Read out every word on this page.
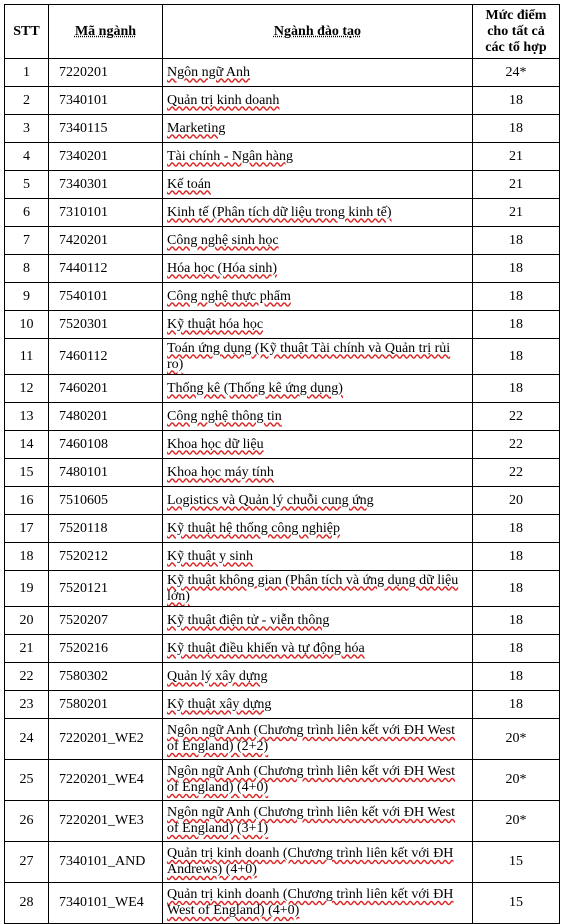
STT	Mã ngành	Ngành đào tạo	Mức điểm cho tất cả các tổ hợp
1	7220201	Ngôn ngữ Anh	24*
2	7340101	Quản trị kinh doanh	18
3	7340115	Marketing	18
4	7340201	Tài chính - Ngân hàng	21
5	7340301	Kế toán	21
6	7310101	Kinh tế (Phân tích dữ liệu trong kinh tế)	21
7	7420201	Công nghệ sinh học	18
8	7440112	Hóa học (Hóa sinh)	18
9	7540101	Công nghệ thực phẩm	18
10	7520301	Kỹ thuật hóa học	18
11	7460112	Toán ứng dụng (Kỹ thuật Tài chính và Quản trị rủi ro)	18
12	7460201	Thống kê (Thống kê ứng dụng)	18
13	7480201	Công nghệ thông tin	22
14	7460108	Khoa học dữ liệu	22
15	7480101	Khoa học máy tính	22
16	7510605	Logistics và Quản lý chuỗi cung ứng	20
17	7520118	Kỹ thuật hệ thống công nghiệp	18
18	7520212	Kỹ thuật y sinh	18
19	7520121	Kỹ thuật không gian (Phân tích và ứng dụng dữ liệu lớn)	18
20	7520207	Kỹ thuật điện tử - viễn thông	18
21	7520216	Kỹ thuật điều khiển và tự động hóa	18
22	7580302	Quản lý xây dựng	18
23	7580201	Kỹ thuật xây dựng	18
24	7220201_WE2	Ngôn ngữ Anh (Chương trình liên kết với ĐH West of England) (2+2)	20*
25	7220201_WE4	Ngôn ngữ Anh (Chương trình liên kết với ĐH West of England) (4+0)	20*
26	7220201_WE3	Ngôn ngữ Anh (Chương trình liên kết với ĐH West of England) (3+1)	20*
27	7340101_AND	Quản trị kinh doanh (Chương trình liên kết với ĐH Andrews) (4+0)	15
28	7340101_WE4	Quản trị kinh doanh (Chương trình liên kết với ĐH West of England) (4+0)	15
